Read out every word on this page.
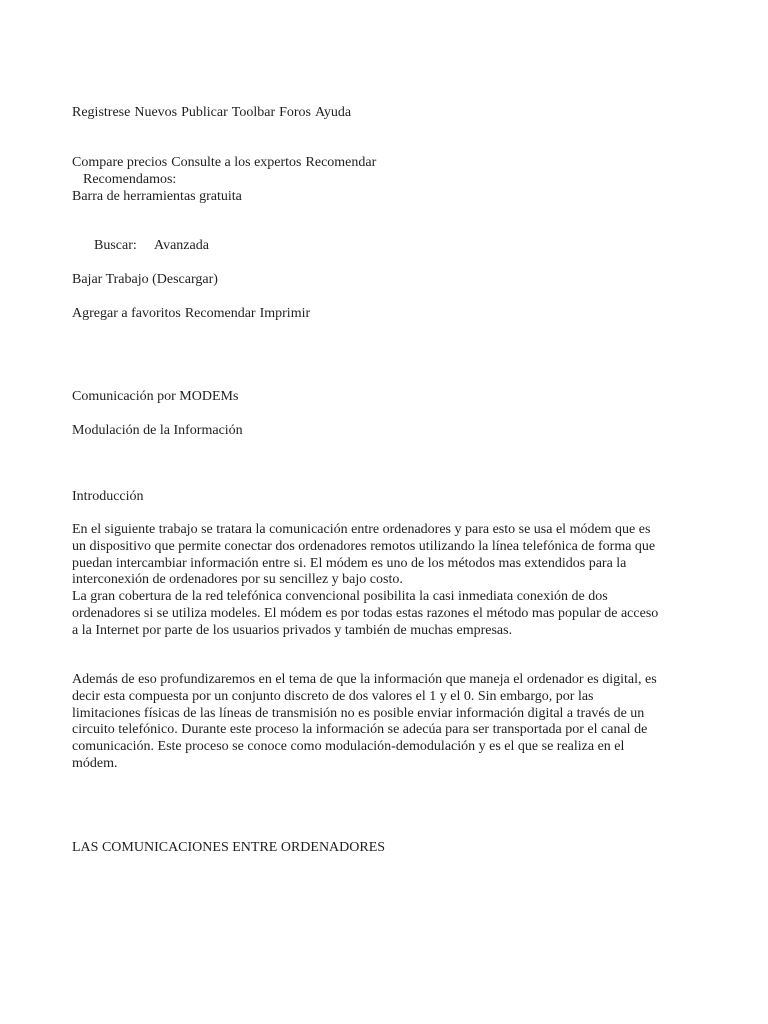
Registrese Nuevos Publicar Toolbar Foros Ayuda

Compare precios Consulte a los expertos Recomendar

Recomendamos:
Barra de herramientas gratuita
Buscar: Avanzada
Bajar Trabajo (Descargar)

Agregar a favoritos Recomendar Imprimir

Comunicación por MODEMs
Modulación de la Información
Introducción
En el siguiente trabajo se tratara la comunicación entre ordenadores y para esto se usa el módem que es
un dispositivo que permite conectar dos ordenadores remotos utilizando la línea telefónica de forma que
puedan intercambiar información entre si. El módem es uno de los métodos mas extendidos para la
interconexión de ordenadores por su sencillez y bajo costo.
La gran cobertura de la red telefónica convencional posibilita la casi inmediata conexión de dos
ordenadores si se utiliza modeles. El módem es por todas estas razones el método mas popular de acceso
a la Internet por parte de los usuarios privados y también de muchas empresas.
Además de eso profundizaremos en el tema de que la información que maneja el ordenador es digital, es
decir esta compuesta por un conjunto discreto de dos valores el 1 y el 0. Sin embargo, por las
limitaciones físicas de las líneas de transmisión no es posible enviar información digital a través de un
circuito telefónico. Durante este proceso la información se adecúa para ser transportada por el canal de
comunicación. Este proceso se conoce como modulación-demodulación y es el que se realiza en el
módem.
LAS COMUNICACIONES ENTRE ORDENADORES
